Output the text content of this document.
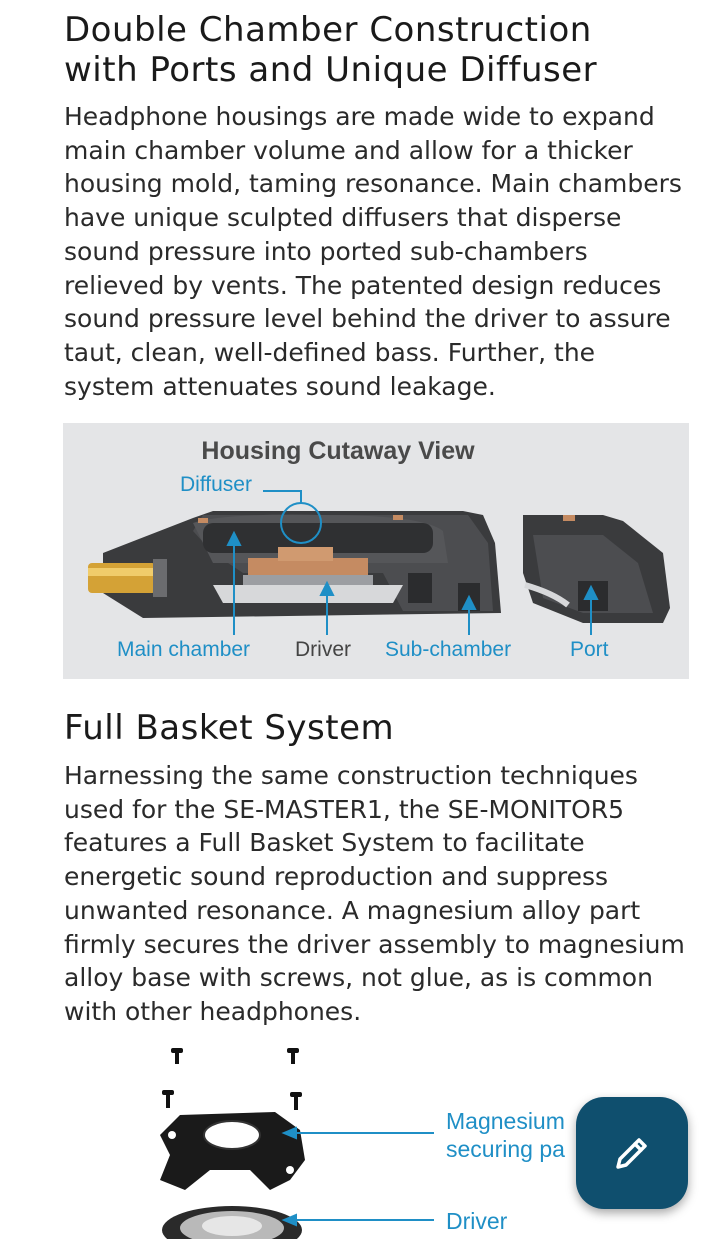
Double Chamber Construction
with Ports and Unique Diffuser

Headphone housings are made wide to expand
main chamber volume and allow for a thicker
housing mold, taming resonance. Main chambers
have unique sculpted diffusers that disperse
sound pressure into ported sub-chambers
relieved by vents. The patented design reduces
sound pressure level behind the driver to assure
taut, clean, well-defined bass. Further, the
system attenuates sound leakage.

Housing Cutaway View
Diffuser
Main chamber Driver Sub-chamber	Port
Full Basket System

Harnessing the same construction techniques
used for the SE-MASTER1, the SE-MONITOR5
features a Full Basket System to facilitate
energetic sound reproduction and suppress
unwanted resonance. A magnesium alloy part
firmly secures the driver assembly to magnesium
alloy base with screws, not glue, as is common
with other headphones.

Magnesium
securing pa
Driver
